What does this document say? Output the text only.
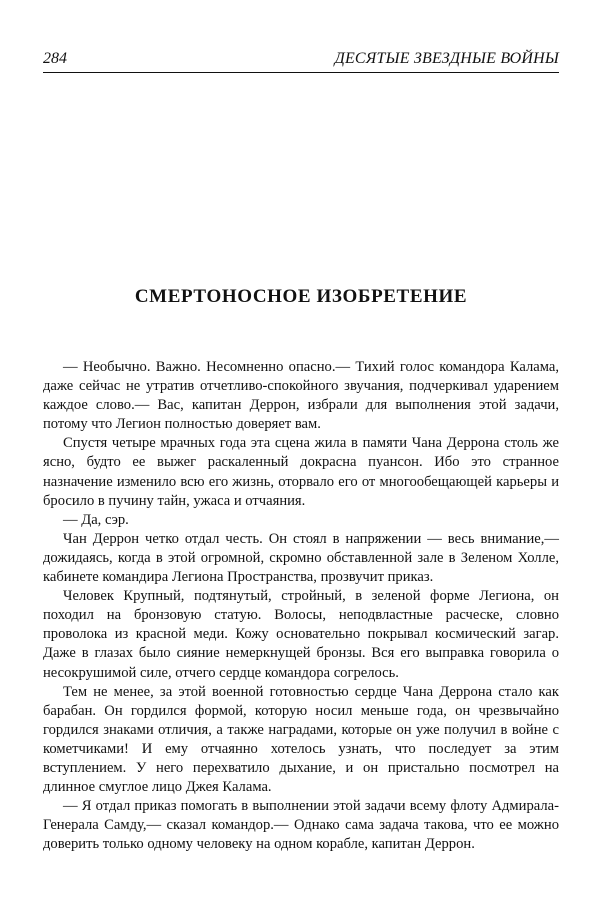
284	ДЕСЯТЫЕ ЗВЕЗДНЫЕ ВОЙНЫ
СМЕРТОНОСНОЕ ИЗОБРЕТЕНИЕ

— Необычно. Важно. Несомненно опасно.— Тихий голос командора Калама, даже сейчас не утратив отчетливо-спокойного звучания, подчеркивал ударением каждое слово.— Вас, капитан Деррон, избрали для выполнения этой задачи, потому что Легион полностью доверяет вам.

Спустя четыре мрачных года эта сцена жила в памяти Чана Деррона столь же ясно, будто ее выжег раскаленный докрасна пуансон. Ибо это странное назначение изменило всю его жизнь, оторвало его от многообещающей карьеры и бросило в пучину тайн, ужаса и отчаяния.

— Да, сэр.

Чан Деррон четко отдал честь. Он стоял в напряжении — весь внимание,— дожидаясь, когда в этой огромной, скромно обставленной зале в Зеленом Холле, кабинете командира Легиона Пространства, прозвучит приказ.

Человек Крупный, подтянутый, стройный, в зеленой форме Легиона, он походил на бронзовую статую. Волосы, неподвластные расческе, словно проволока из красной меди. Кожу основательно покрывал космический загар. Даже в глазах было сияние немеркнущей бронзы. Вся его выправка говорила о несокрушимой силе, отчего сердце командора согрелось.

Тем не менее, за этой военной готовностью сердце Чана Деррона стало как барабан. Он гордился формой, которую носил меньше года, он чрезвычайно гордился знаками отличия, а также наградами, которые он уже получил в войне с кометчиками! И ему отчаянно хотелось узнать, что последует за этим вступлением. У него перехватило дыхание, и он пристально посмотрел на длинное смуглое лицо Джея Калама.

— Я отдал приказ помогать в выполнении этой задачи всему флоту Адмирала-Генерала Самду,— сказал командор.— Однако сама задача такова, что ее можно доверить только одному человеку на одном корабле, капитан Деррон.
